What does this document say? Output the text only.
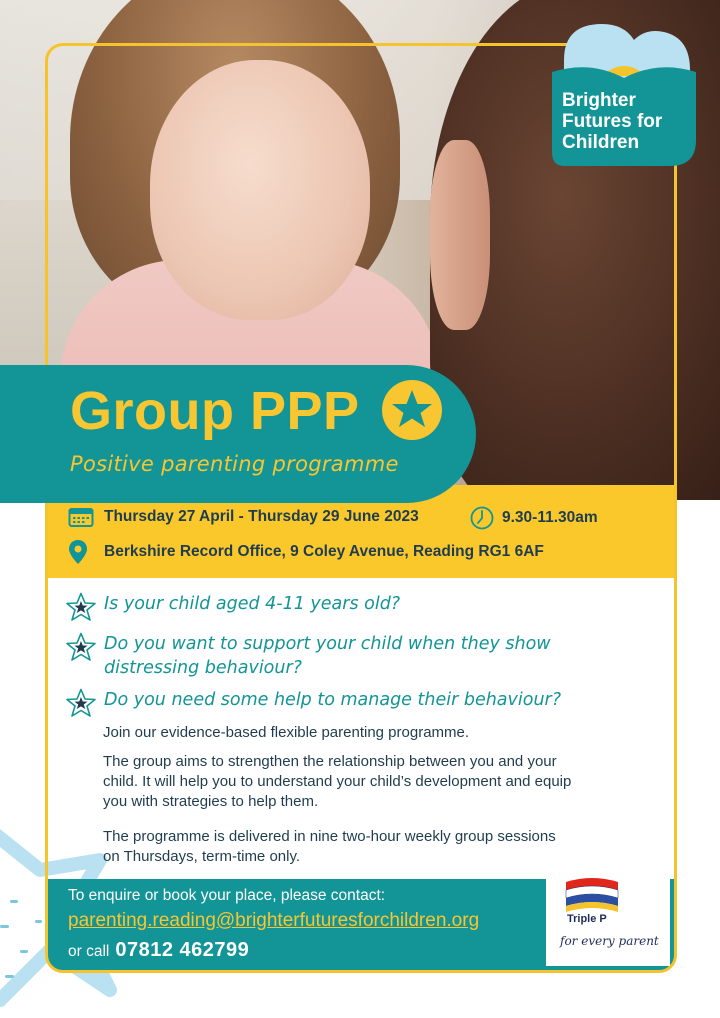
Brighter
Futures for
Children
Group PPP
Positive parenting programme
Thursday 27 April - Thursday 29 June 2023	9.30-11.30am
Berkshire Record Office, 9 Coley Avenue, Reading RG1 6AF
Is your child aged 4-11 years old?
Do you want to support your child when they show distressing behaviour?
Do you need some help to manage their behaviour?

Join our evidence-based flexible parenting programme.

The group aims to strengthen the relationship between you and your child. It will help you to understand your child’s development and equip you with strategies to help them.

The programme is delivered in nine two-hour weekly group sessions on Thursdays, term-time only.

To enquire or book your place, please contact:
parenting.reading@brighterfuturesforchildren.org
or call 07812 462799
Triple P
for every parent
